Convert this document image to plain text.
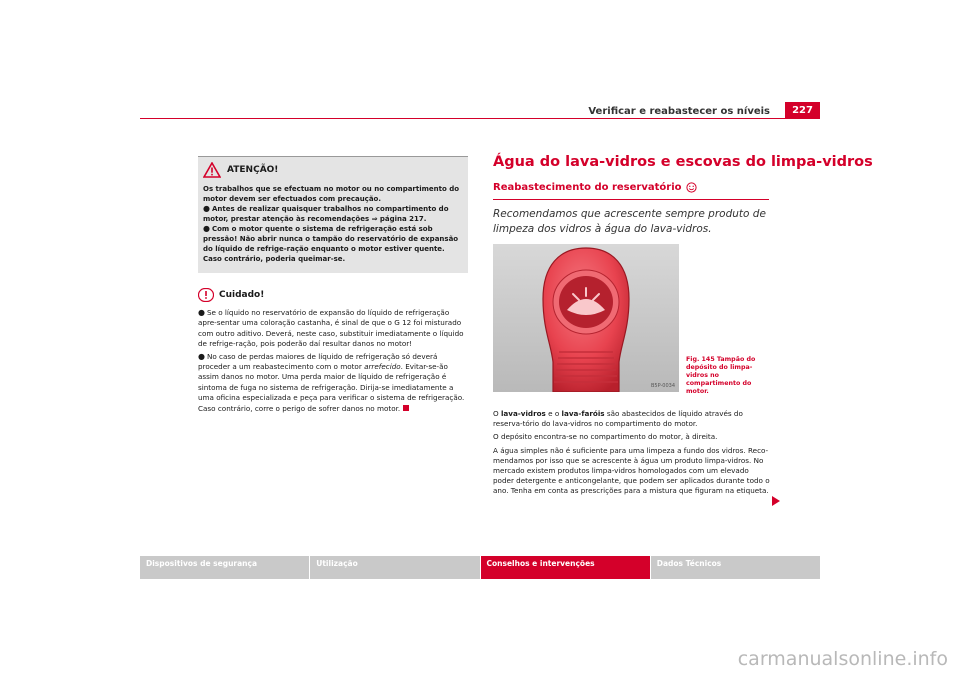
Verificar e reabastecer os níveis	227
ATENÇÃO!

Os trabalhos que se efectuam no motor ou no compartimento do motor devem ser efectuados com precaução.

● Antes de realizar quaisquer trabalhos no compartimento do motor, prestar atenção às recomendações ⇒ página 217.

● Com o motor quente o sistema de refrigeração está sob pressão! Não abrir nunca o tampão do reservatório de expansão do líquido de refrige-ração enquanto o motor estiver quente. Caso contrário, poderia queimar-se.

Cuidado!

● Se o líquido no reservatório de expansão do líquido de refrigeração apre-sentar uma coloração castanha, é sinal de que o G 12 foi misturado com outro aditivo. Deverá, neste caso, substituir imediatamente o líquido de refrige-ração, pois poderão daí resultar danos no motor!

● No caso de perdas maiores de líquido de refrigeração só deverá proceder a um reabastecimento com o motor arrefecido. Evitar-se-ão assim danos no motor. Uma perda maior de líquido de refrigeração é sintoma de fuga no sistema de refrigeração. Dirija-se imediatamente a uma oficina especializada e peça para verificar o sistema de refrigeração. Caso contrário, corre o perigo de sofrer danos no motor.

Água do lava-vidros e escovas do limpa-vidros
Reabastecimento do reservatório
Recomendamos que acrescente sempre produto de limpeza dos vidros à água do lava-vidros.
B5P-0034
Fig. 145 Tampão do depósito do limpa-vidros no compartimento do motor.

O lava-vidros e o lava-faróis são abastecidos de líquido através do reserva-tório do lava-vidros no compartimento do motor.

O depósito encontra-se no compartimento do motor, à direita.

A água simples não é suficiente para uma limpeza a fundo dos vidros. Reco-mendamos por isso que se acrescente à água um produto limpa-vidros. No mercado existem produtos limpa-vidros homologados com um elevado poder detergente e anticongelante, que podem ser aplicados durante todo o ano. Tenha em conta as prescrições para a mistura que figuram na etiqueta.

Dispositivos de segurança	Utilização	Conselhos e intervenções	Dados Técnicos
carmanualsonline.info
